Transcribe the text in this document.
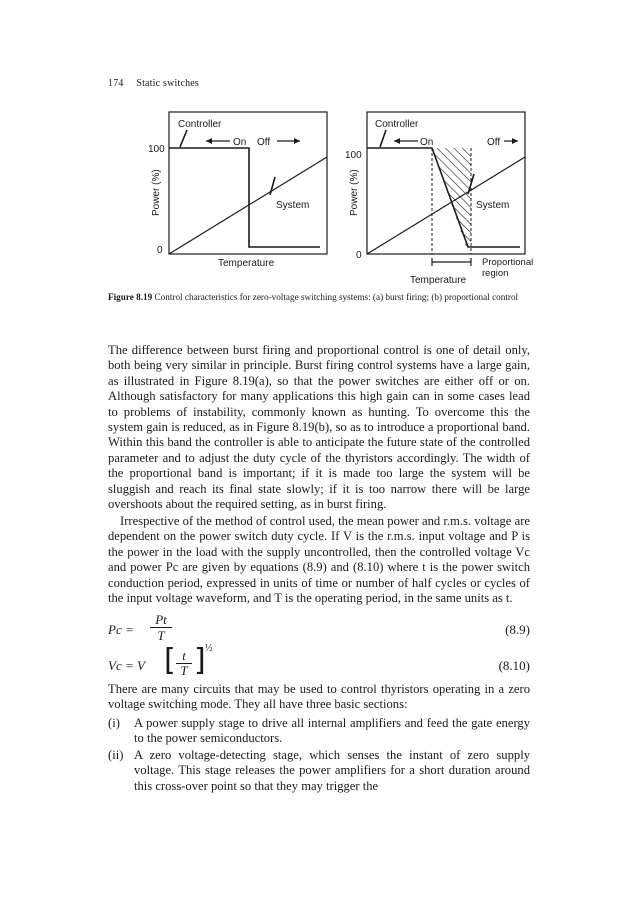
174 Static switches
Controller
On Off
100
0
Power (%)
Temperature
System
Controller
On	Off
100
0
Power (%)
Temperature
System
Proportional
region
Figure 8.19 Control characteristics for zero-voltage switching systems: (a) burst firing; (b) proportional control
The difference between burst firing and proportional control is one of detail only, both being very similar in principle. Burst firing control systems have a large gain, as illustrated in Figure 8.19(a), so that the power switches are either off or on. Although satisfactory for many applications this high gain can in some cases lead to problems of instability, commonly known as hunting. To overcome this the system gain is reduced, as in Figure 8.19(b), so as to introduce a proportional band. Within this band the controller is able to anticipate the future state of the controlled parameter and to adjust the duty cycle of the thyristors accordingly. The width of the proportional band is important; if it is made too large the system will be sluggish and reach its final state slowly; if it is too narrow there will be large overshoots about the required setting, as in burst firing.
Irrespective of the method of control used, the mean power and r.m.s. voltage are dependent on the power switch duty cycle. If V is the r.m.s. input voltage and P is the power in the load with the supply uncontrolled, then the controlled voltage Vc and power Pc are given by equations (8.9) and (8.10) where t is the power switch conduction period, expressed in units of time or number of half cycles or cycles of the input voltage waveform, and T is the operating period, in the same units as t.
$Pc = \frac{Pt}{T}$	(8.9)
Vc = V [ $\frac{t}{T}$ ] ½
(8.10)
There are many circuits that may be used to control thyristors operating in a zero voltage switching mode. They all have three basic sections:
(i) A power supply stage to drive all internal amplifiers and feed the gate energy to the power semiconductors.
(ii) A zero voltage-detecting stage, which senses the instant of zero supply voltage. This stage releases the power amplifiers for a short duration around this cross-over point so that they may trigger the
